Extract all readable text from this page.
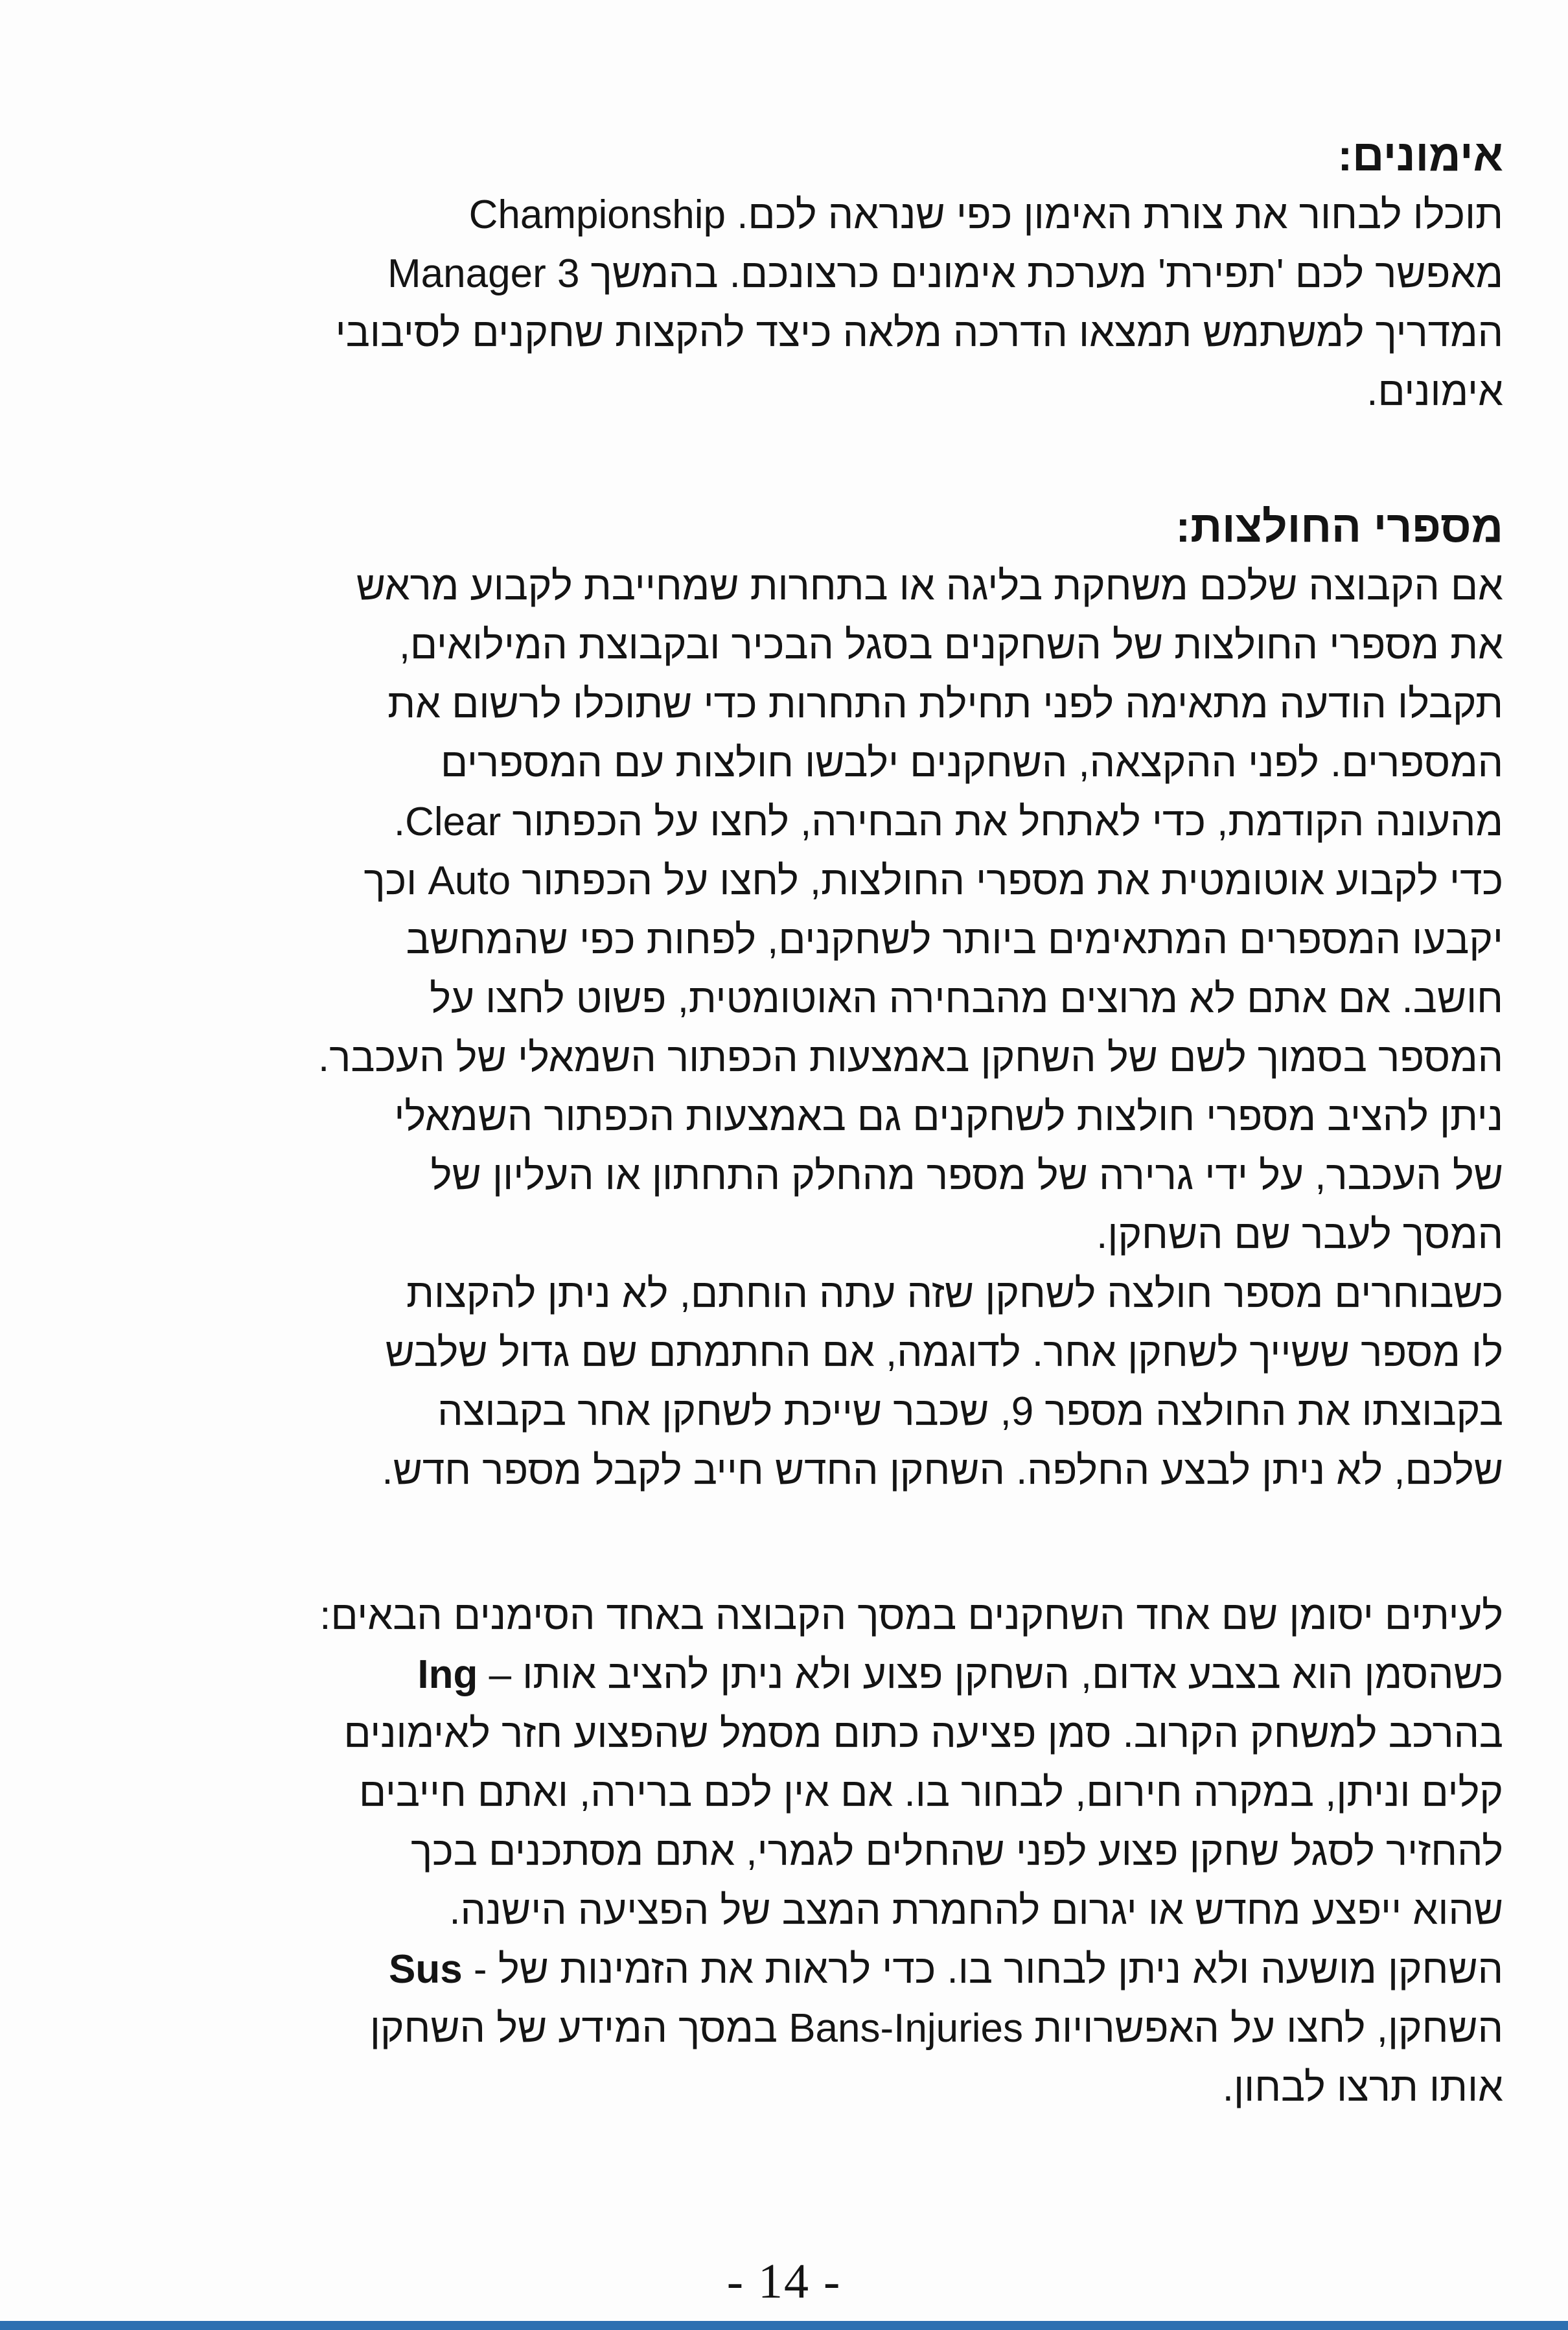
אימונים:
תוכלו לבחור את צורת האימון כפי שנראה לכם. Championship
Manager 3 מאפשר לכם 'תפירת' מערכת אימונים כרצונכם. בהמשך
המדריך למשתמש תמצאו הדרכה מלאה כיצד להקצות שחקנים לסיבובי
אימונים.
מספרי החולצות:
אם הקבוצה שלכם משחקת בליגה או בתחרות שמחייבת לקבוע מראש
את מספרי החולצות של השחקנים בסגל הבכיר ובקבוצת המילואים,
תקבלו הודעה מתאימה לפני תחילת התחרות כדי שתוכלו לרשום את
המספרים. לפני ההקצאה, השחקנים ילבשו חולצות עם המספרים
מהעונה הקודמת, כדי לאתחל את הבחירה, לחצו על הכפתור Clear.
כדי לקבוע אוטומטית את מספרי החולצות, לחצו על הכפתור Auto וכך
יקבעו המספרים המתאימים ביותר לשחקנים, לפחות כפי שהמחשב
חושב. אם אתם לא מרוצים מהבחירה האוטומטית, פשוט לחצו על
המספר בסמוך לשם של השחקן באמצעות הכפתור השמאלי של העכבר.
ניתן להציב מספרי חולצות לשחקנים גם באמצעות הכפתור השמאלי
של העכבר, על ידי גרירה של מספר מהחלק התחתון או העליון של
המסך לעבר שם השחקן.
כשבוחרים מספר חולצה לשחקן שזה עתה הוחתם, לא ניתן להקצות
לו מספר ששייך לשחקן אחר. לדוגמה, אם החתמתם שם גדול שלבש
בקבוצתו את החולצה מספר 9, שכבר שייכת לשחקן אחר בקבוצה
שלכם, לא ניתן לבצע החלפה. השחקן החדש חייב לקבל מספר חדש.
לעיתים יסומן שם אחד השחקנים במסך הקבוצה באחד הסימנים הבאים:
Ing – כשהסמן הוא בצבע אדום, השחקן פצוע ולא ניתן להציב אותו
בהרכב למשחק הקרוב. סמן פציעה כתום מסמל שהפצוע חזר לאימונים
קלים וניתן, במקרה חירום, לבחור בו. אם אין לכם ברירה, ואתם חייבים
להחזיר לסגל שחקן פצוע לפני שהחלים לגמרי, אתם מסתכנים בכך
שהוא ייפצע מחדש או יגרום להחמרת המצב של הפציעה הישנה.
Sus - השחקן מושעה ולא ניתן לבחור בו. כדי לראות את הזמינות של
השחקן, לחצו על האפשרויות Bans-Injuries במסך המידע של השחקן
אותו תרצו לבחון.
- 14 -
